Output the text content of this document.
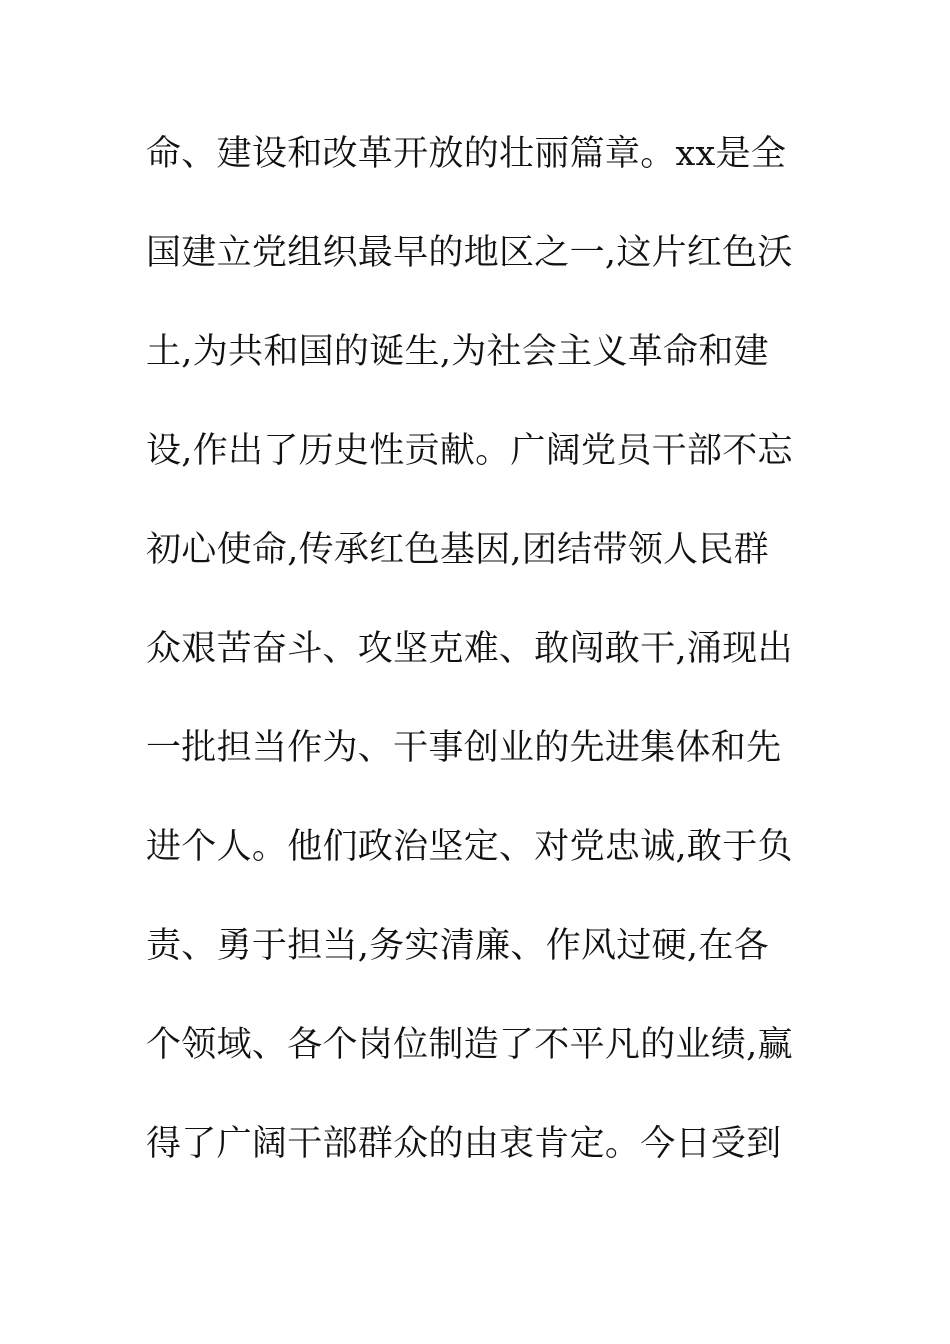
命、建设和改革开放的壮丽篇章。xx是全
国建立党组织最早的地区之一,这片红色沃
土,为共和国的诞生,为社会主义革命和建
设,作出了历史性贡献。广阔党员干部不忘
初心使命,传承红色基因,团结带领人民群
众艰苦奋斗、攻坚克难、敢闯敢干,涌现出
一批担当作为、干事创业的先进集体和先
进个人。他们政治坚定、对党忠诚,敢于负
责、勇于担当,务实清廉、作风过硬,在各
个领域、各个岗位制造了不平凡的业绩,赢
得了广阔干部群众的由衷肯定。今日受到
